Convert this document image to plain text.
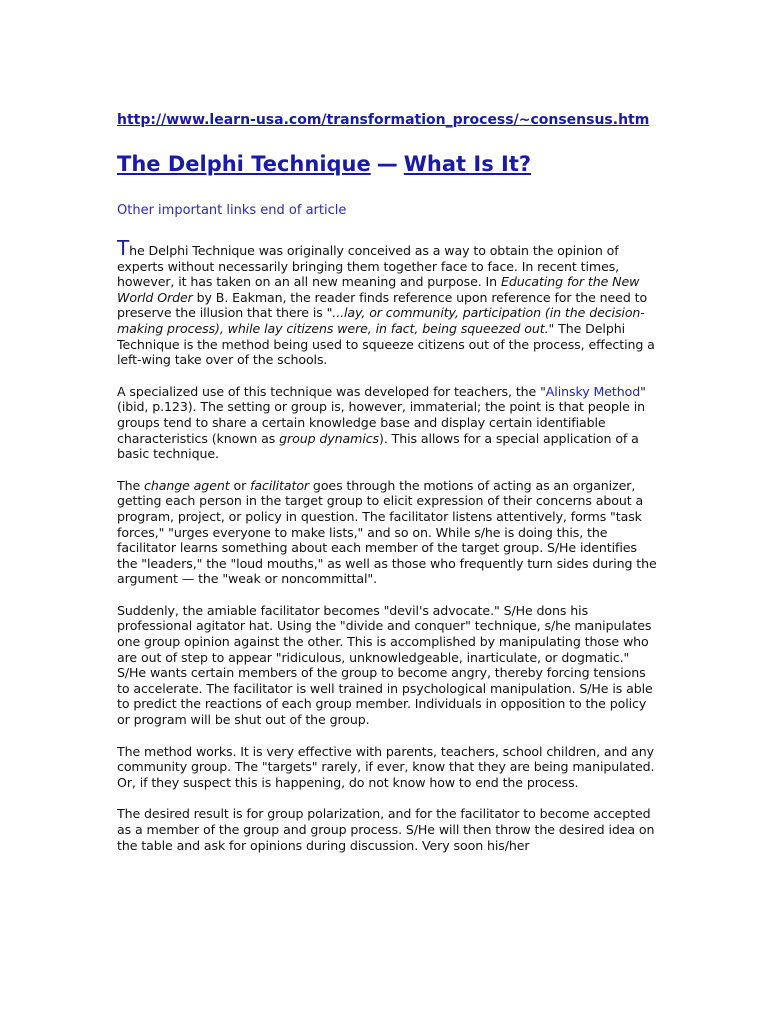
http://www.learn-usa.com/transformation_process/~consensus.htm
The Delphi Technique — What Is It?
Other important links end of article

The Delphi Technique was originally conceived as a way to obtain the opinion of experts without necessarily bringing them together face to face. In recent times, however, it has taken on an all new meaning and purpose. In Educating for the New World Order by B. Eakman, the reader finds reference upon reference for the need to preserve the illusion that there is "...lay, or community, participation (in the decision-making process), while lay citizens were, in fact, being squeezed out." The Delphi Technique is the method being used to squeeze citizens out of the process, effecting a left-wing take over of the schools.

A specialized use of this technique was developed for teachers, the "Alinsky Method" (ibid, p.123). The setting or group is, however, immaterial; the point is that people in groups tend to share a certain knowledge base and display certain identifiable characteristics (known as group dynamics). This allows for a special application of a basic technique.

The change agent or facilitator goes through the motions of acting as an organizer, getting each person in the target group to elicit expression of their concerns about a program, project, or policy in question. The facilitator listens attentively, forms "task forces," "urges everyone to make lists," and so on. While s/he is doing this, the facilitator learns something about each member of the target group. S/He identifies the "leaders," the "loud mouths," as well as those who frequently turn sides during the argument — the "weak or noncommittal".

Suddenly, the amiable facilitator becomes "devil's advocate." S/He dons his professional agitator hat. Using the "divide and conquer" technique, s/he manipulates one group opinion against the other. This is accomplished by manipulating those who are out of step to appear "ridiculous, unknowledgeable, inarticulate, or dogmatic." S/He wants certain members of the group to become angry, thereby forcing tensions to accelerate. The facilitator is well trained in psychological manipulation. S/He is able to predict the reactions of each group member. Individuals in opposition to the policy or program will be shut out of the group.

The method works. It is very effective with parents, teachers, school children, and any community group. The "targets" rarely, if ever, know that they are being manipulated. Or, if they suspect this is happening, do not know how to end the process.

The desired result is for group polarization, and for the facilitator to become accepted as a member of the group and group process. S/He will then throw the desired idea on the table and ask for opinions during discussion. Very soon his/her
